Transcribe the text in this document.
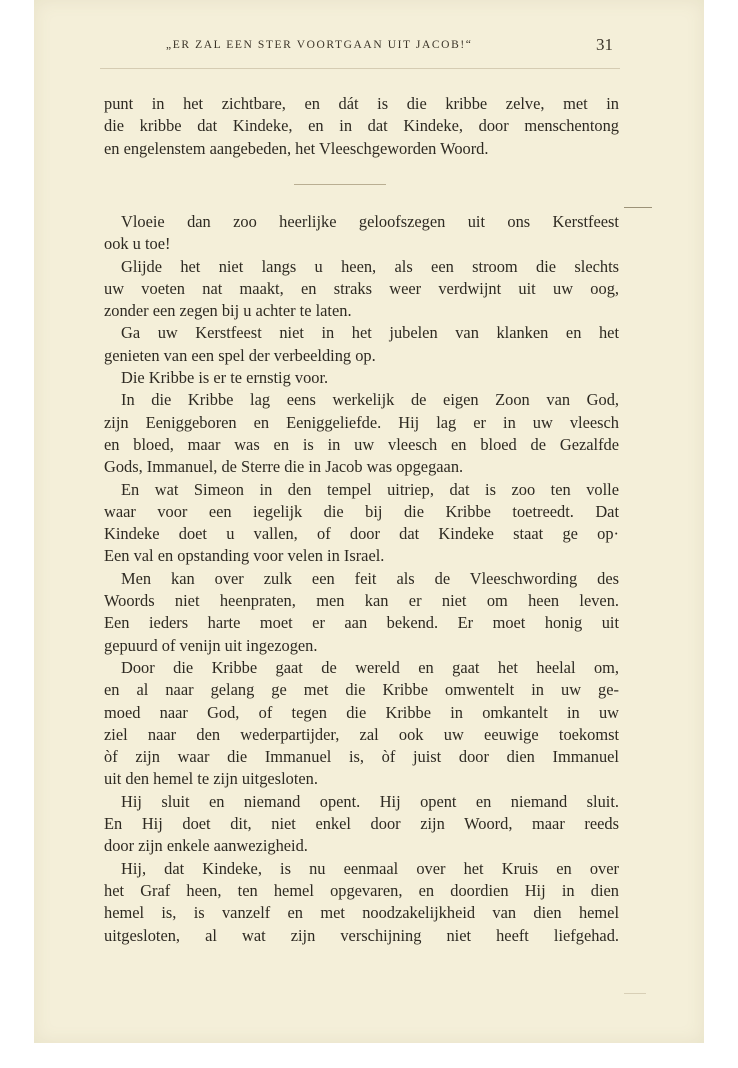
„ER ZAL EEN STER VOORTGAAN UIT JACOB!“	31
punt in het zichtbare, en dát is die kribbe zelve, met in
die kribbe dat Kindeke, en in dat Kindeke, door menschentong
en engelenstem aangebeden, het Vleeschgeworden Woord.
Vloeie dan zoo heerlijke geloofszegen uit ons Kerstfeest
ook u toe!
Glijde het niet langs u heen, als een stroom die slechts
uw voeten nat maakt, en straks weer verdwijnt uit uw oog,
zonder een zegen bij u achter te laten.
Ga uw Kerstfeest niet in het jubelen van klanken en het
genieten van een spel der verbeelding op.
Die Kribbe is er te ernstig voor.
In die Kribbe lag eens werkelijk de eigen Zoon van God,
zijn Eeniggeboren en Eeniggeliefde. Hij lag er in uw vleesch
en bloed, maar was en is in uw vleesch en bloed de Gezalfde
Gods, Immanuel, de Sterre die in Jacob was opgegaan.
En wat Simeon in den tempel uitriep, dat is zoo ten volle
waar voor een iegelijk die bij die Kribbe toetreedt. Dat
Kindeke doet u vallen, of door dat Kindeke staat ge op·
Een val en opstanding voor velen in Israel.
Men kan over zulk een feit als de Vleeschwording des
Woords niet heenpraten, men kan er niet om heen leven.
Een ieders harte moet er aan bekend. Er moet honig uit
gepuurd of venijn uit ingezogen.
Door die Kribbe gaat de wereld en gaat het heelal om,
en al naar gelang ge met die Kribbe omwentelt in uw ge-
moed naar God, of tegen die Kribbe in omkantelt in uw
ziel naar den wederpartijder, zal ook uw eeuwige toekomst
òf zijn waar die Immanuel is, òf juist door dien Immanuel
uit den hemel te zijn uitgesloten.
Hij sluit en niemand opent. Hij opent en niemand sluit.
En Hij doet dit, niet enkel door zijn Woord, maar reeds
door zijn enkele aanwezigheid.
Hij, dat Kindeke, is nu eenmaal over het Kruis en over
het Graf heen, ten hemel opgevaren, en doordien Hij in dien
hemel is, is vanzelf en met noodzakelijkheid van dien hemel
uitgesloten, al wat zijn verschijning niet heeft liefgehad.
